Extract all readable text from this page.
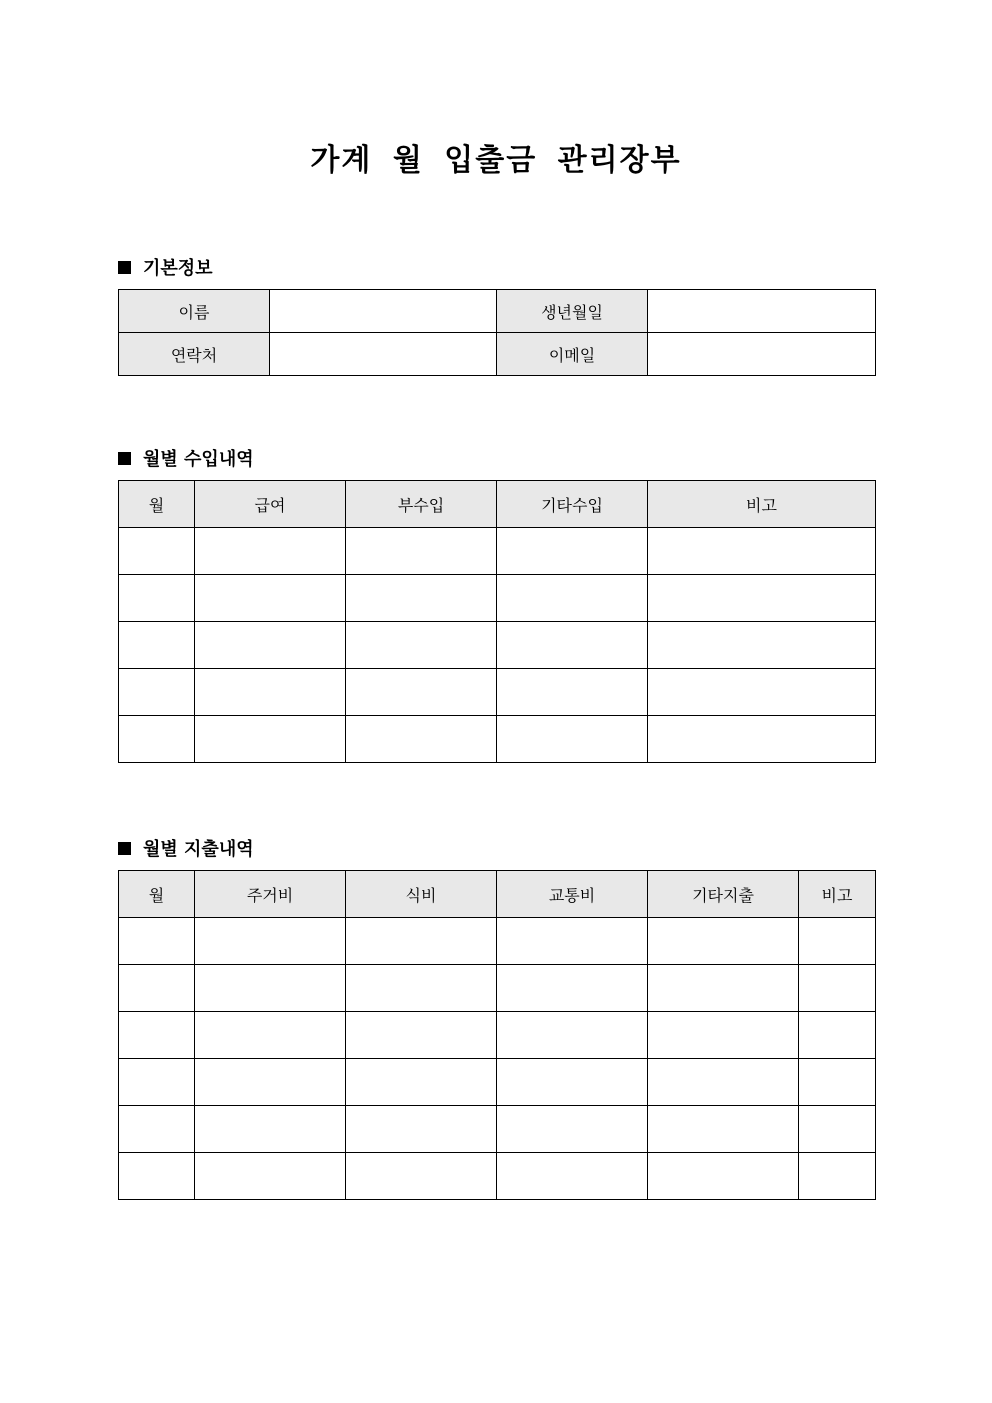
가계 월 입출금 관리장부
기본정보
이름		생년월일	
연락처		이메일	
월별 수입내역
월	급여	부수입	기타수입	비고

월별 지출내역
월	주거비	식비	교통비	기타지출	비고
